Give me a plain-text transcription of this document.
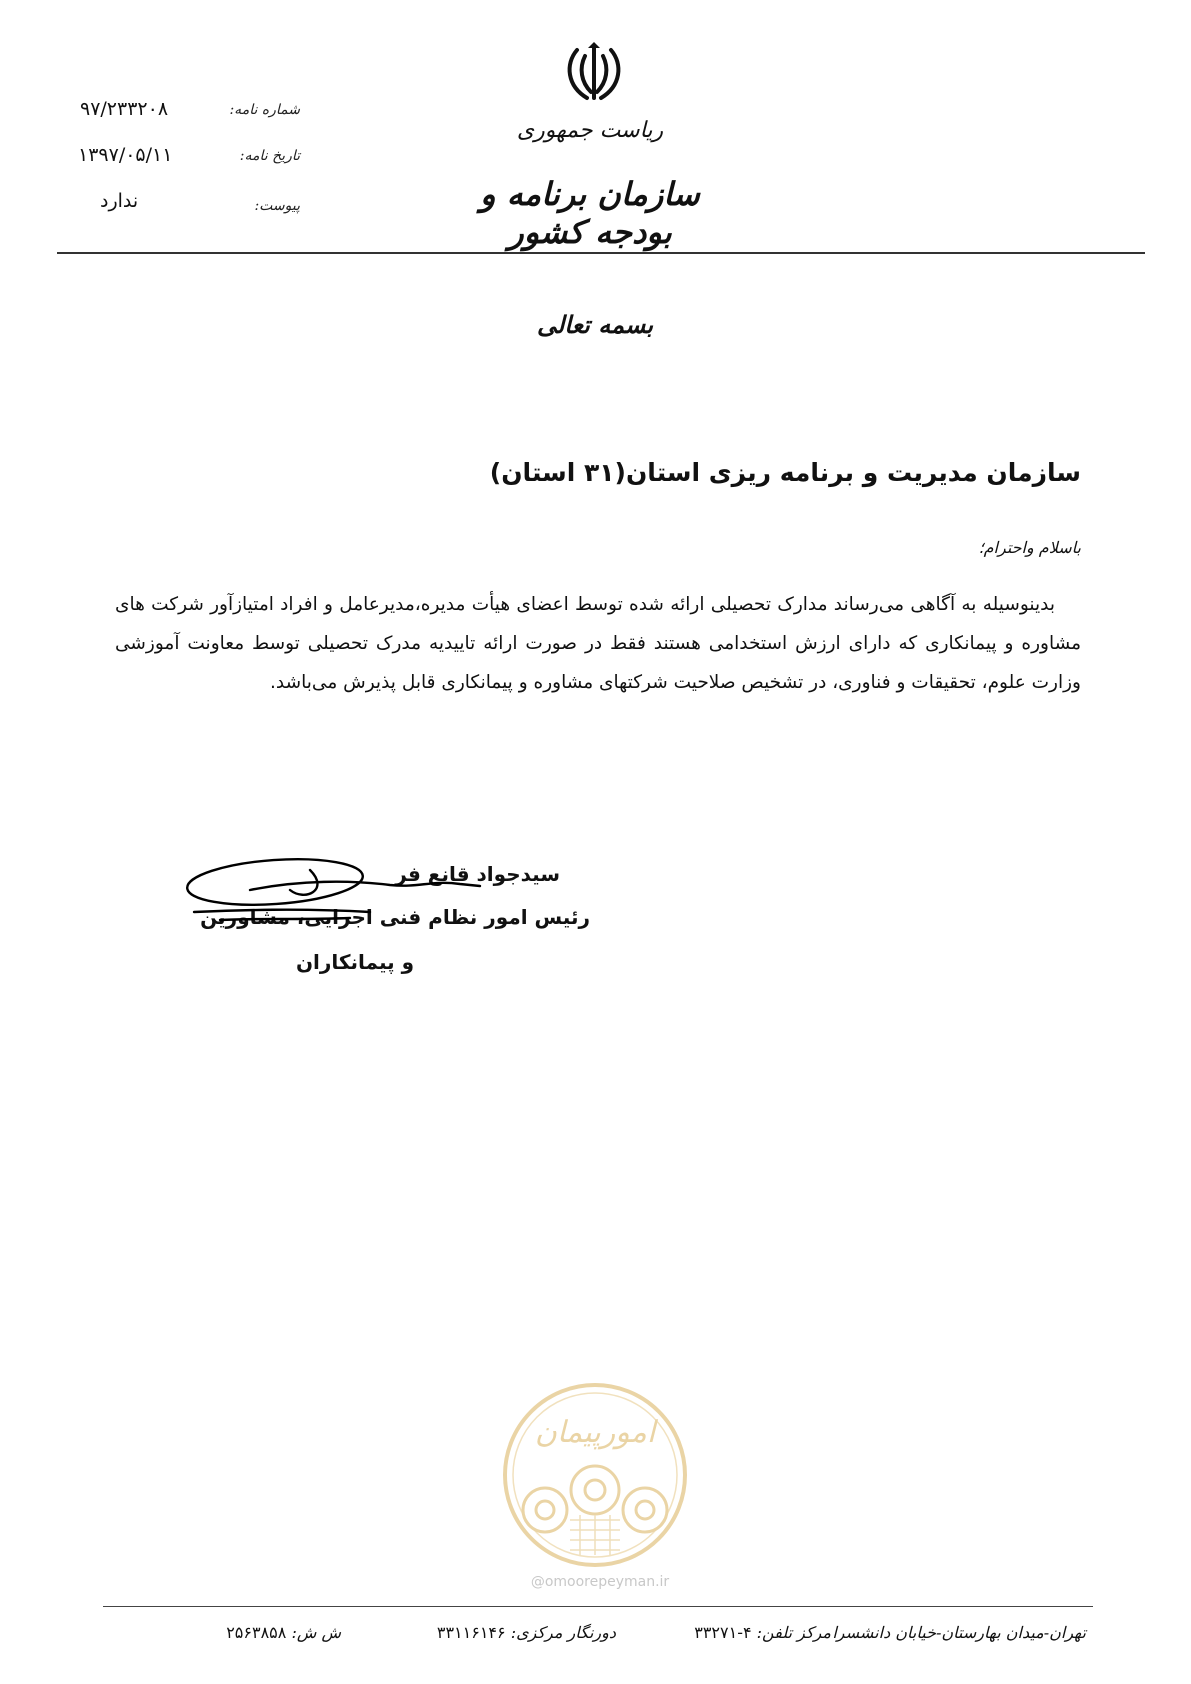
۹۷/۲۳۳۲۰۸	شماره نامه:
۱۳۹۷/۰۵/۱۱	تاریخ نامه:
ندارد	پیوست:
ریاست جمهوری
سازمان برنامه و بودجه کشور
بسمه تعالی
سازمان مدیریت و برنامه ریزی استان(۳۱ استان)
باسلام واحترام؛
بدینوسیله به آگاهی می‌رساند مدارک تحصیلی ارائه شده توسط اعضای هیأت مدیره،مدیرعامل و افراد امتیازآور شرکت های مشاوره و پیمانکاری که دارای ارزش استخدامی هستند فقط در صورت ارائه تاییدیه مدرک تحصیلی توسط معاونت آموزشی وزارت علوم، تحقیقات و فناوری، در تشخیص صلاحیت شرکتهای مشاوره و پیمانکاری قابل پذیرش می‌باشد.
سیدجواد قانع فر
رئیس امور نظام فنی اجرایی، مشاورین
و پیمانکاران
امورپیمان
@omoorepeyman.ir
تهران-میدان بهارستان-خیابان دانشسرا
مرکز تلفن: ۴-۳۳۲۷۱
دورنگار مرکزی: ۳۳۱۱۶۱۴۶
ش ش: ۲۵۶۳۸۵۸
